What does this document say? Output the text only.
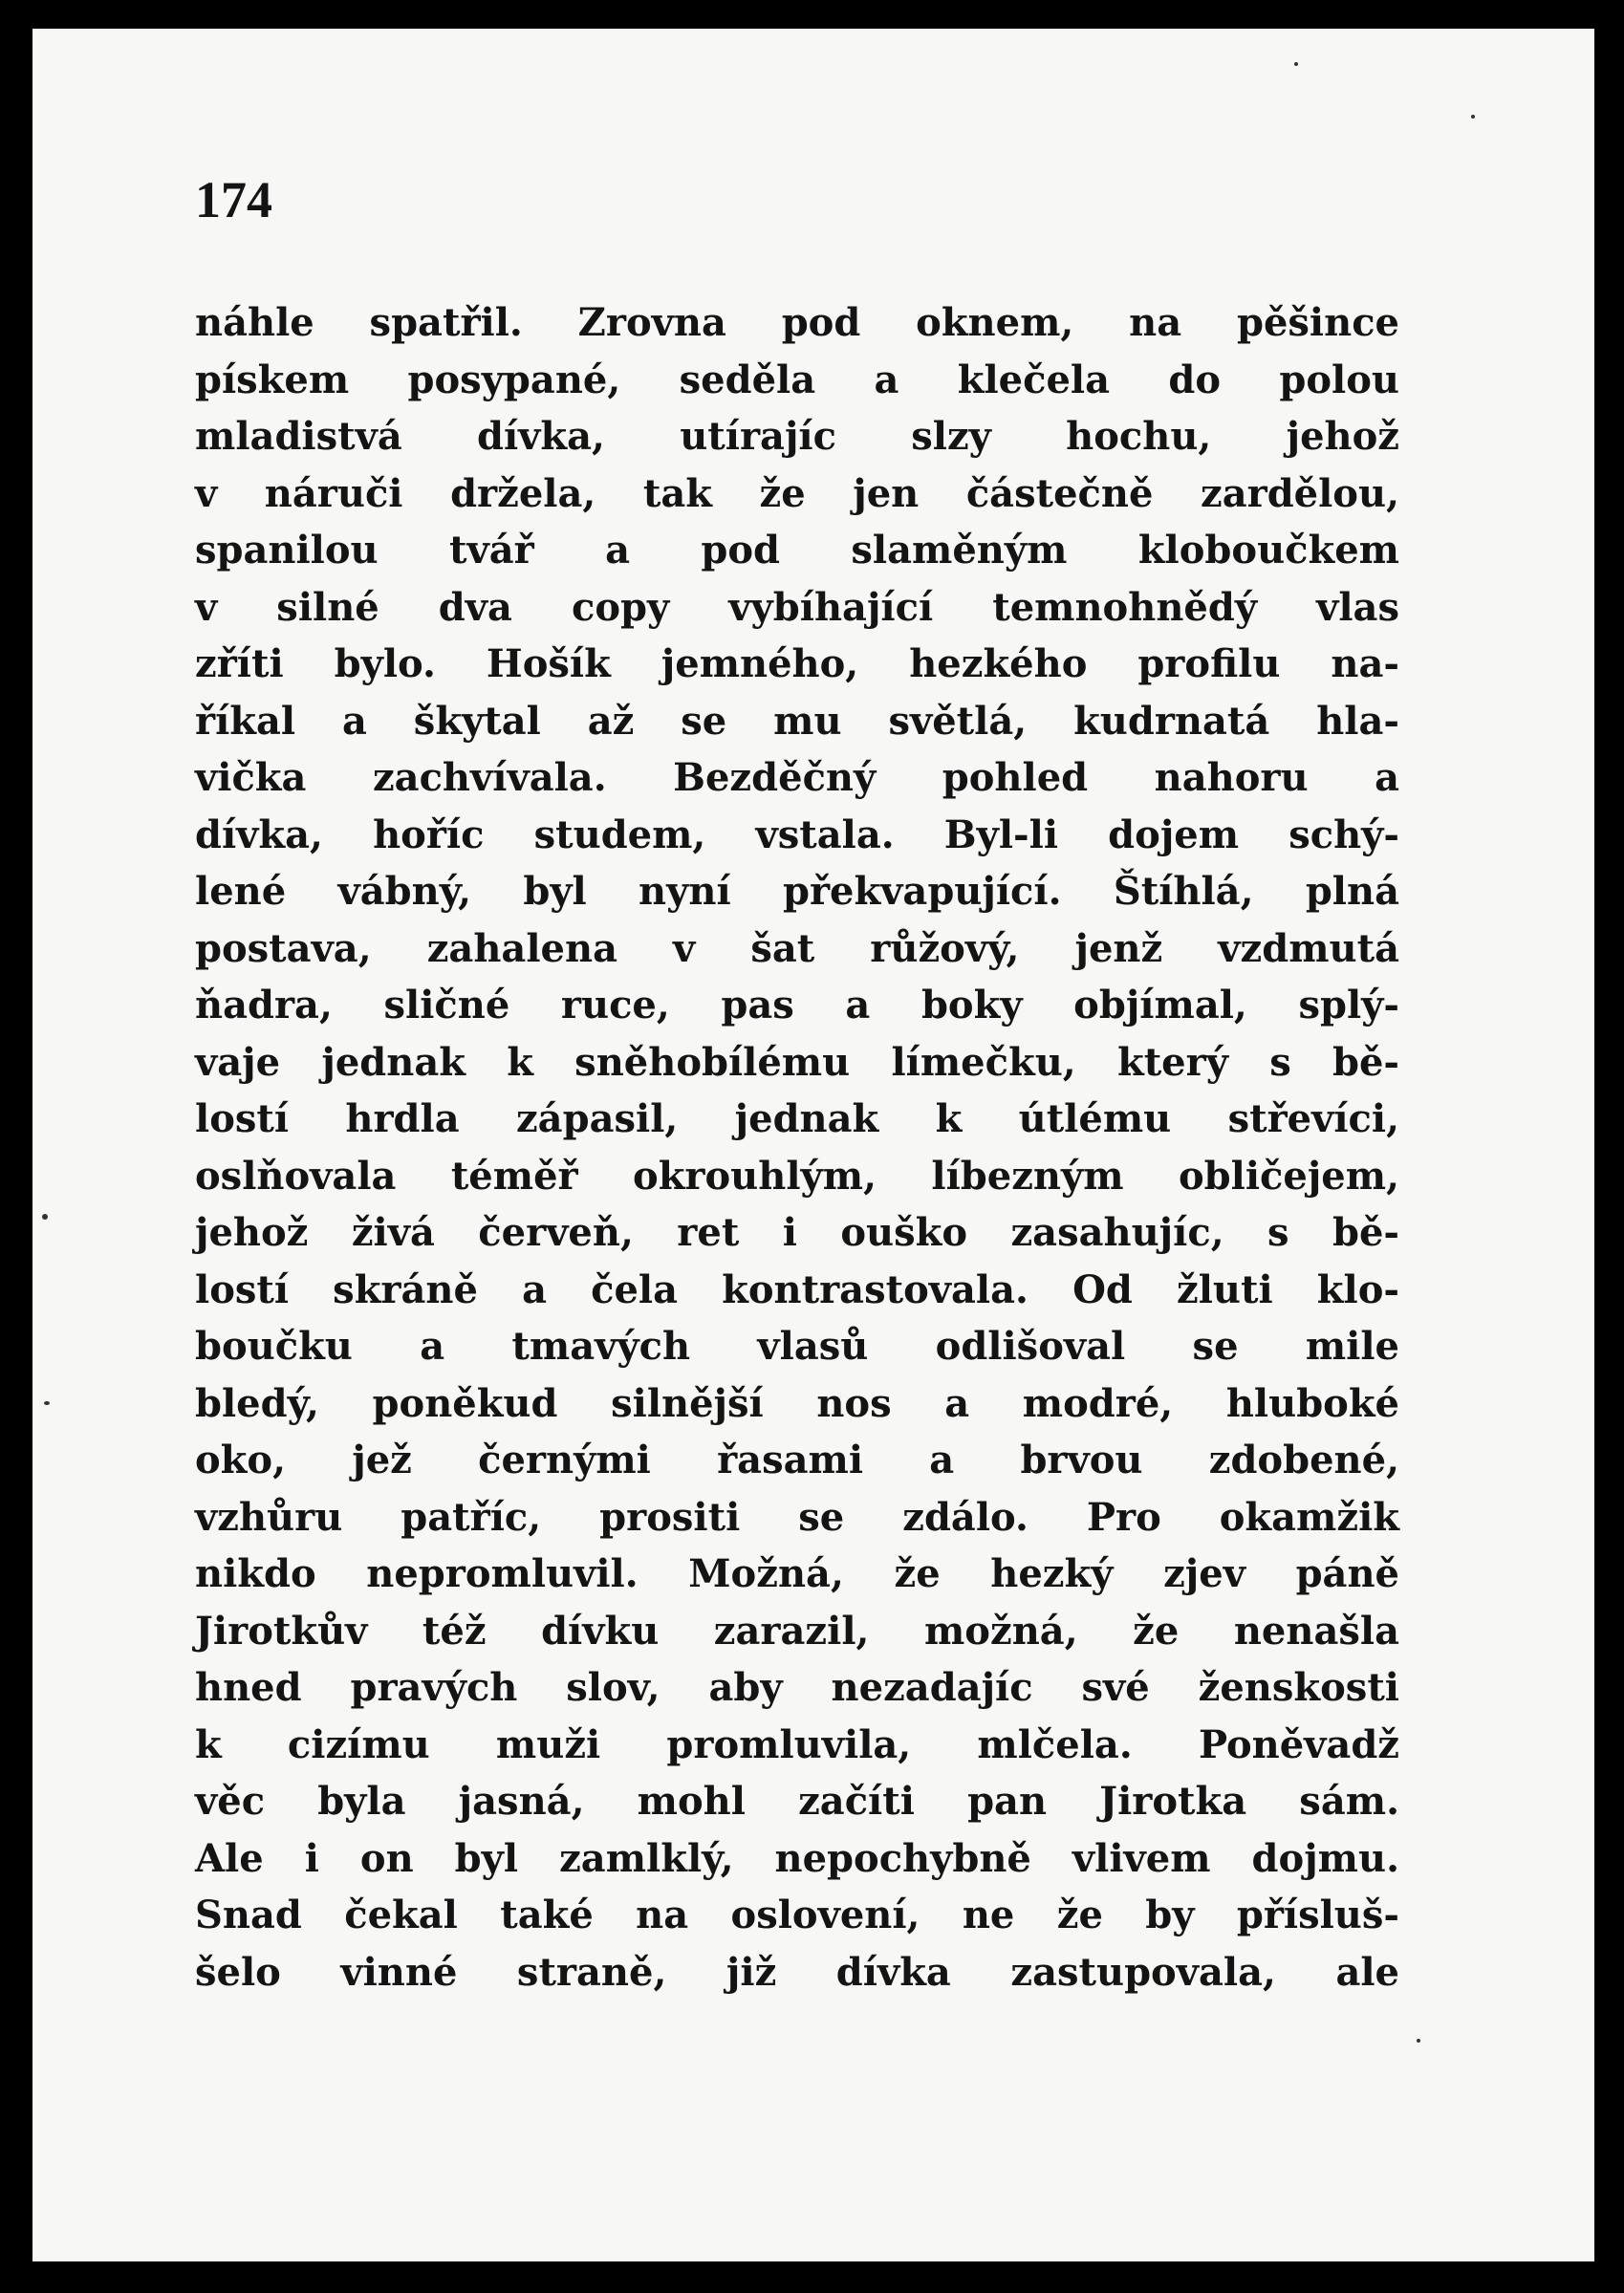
174

náhle spatřil. Zrovna pod oknem, na pěšince
pískem posypané, seděla a klečela do polou
mladistvá dívka, utírajíc slzy hochu, jehož
v náruči držela, tak že jen částečně zardělou,
spanilou tvář a pod slaměným kloboučkem
v silné dva copy vybíhající temnohnědý vlas
zříti bylo. Hošík jemného, hezkého profilu na-
říkal a škytal až se mu světlá, kudrnatá hla-
vička zachvívala. Bezděčný pohled nahoru a
dívka, hoříc studem, vstala. Byl-li dojem schý-
lené vábný, byl nyní překvapující. Štíhlá, plná
postava, zahalena v šat růžový, jenž vzdmutá
ňadra, sličné ruce, pas a boky objímal, splý-
vaje jednak k sněhobílému límečku, který s bě-
lostí hrdla zápasil, jednak k útlému střevíci,
oslňovala téměř okrouhlým, líbezným obličejem,
jehož živá červeň, ret i ouško zasahujíc, s bě-
lostí skráně a čela kontrastovala. Od žluti klo-
boučku a tmavých vlasů odlišoval se mile
bledý, poněkud silnější nos a modré, hluboké
oko, jež černými řasami a brvou zdobené,
vzhůru patříc, prositi se zdálo. Pro okamžik
nikdo nepromluvil. Možná, že hezký zjev páně
Jirotkův též dívku zarazil, možná, že nenašla
hned pravých slov, aby nezadajíc své ženskosti
k cizímu muži promluvila, mlčela. Poněvadž
věc byla jasná, mohl začíti pan Jirotka sám.
Ale i on byl zamlklý, nepochybně vlivem dojmu.
Snad čekal také na oslovení, ne že by přísluš-
šelo vinné straně, již dívka zastupovala, ale
